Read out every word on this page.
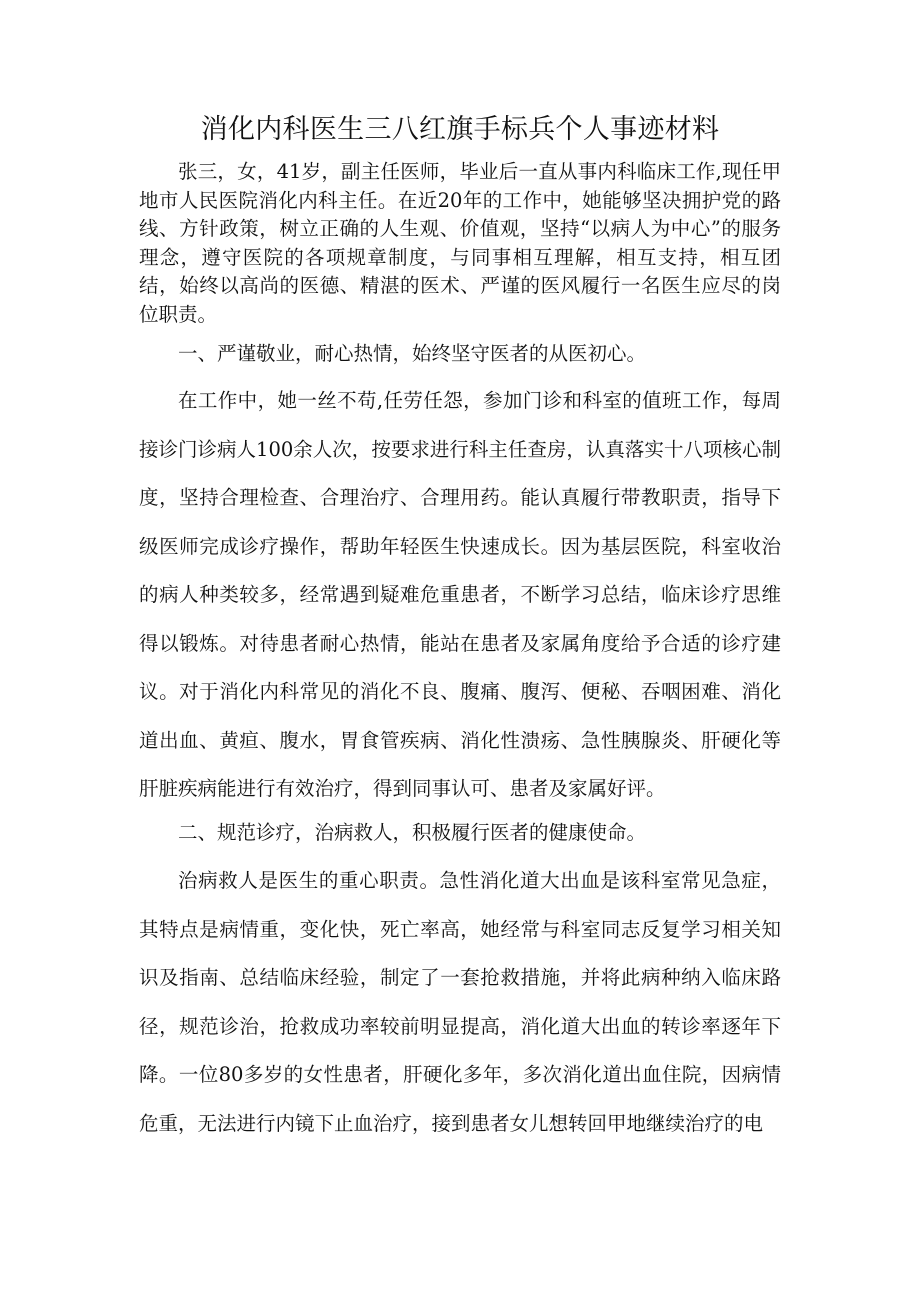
消化内科医生三八红旗手标兵个人事迹材料

张三，女，41岁，副主任医师，毕业后一直从事内科临床工作,现任甲地市人民医院消化内科主任。在近20年的工作中，她能够坚决拥护党的路线、方针政策，树立正确的人生观、价值观，坚持“以病人为中心”的服务理念，遵守医院的各项规章制度，与同事相互理解，相互支持，相互团结，始终以高尚的医德、精湛的医术、严谨的医风履行一名医生应尽的岗位职责。

一、严谨敬业，耐心热情，始终坚守医者的从医初心。

在工作中，她一丝不苟,任劳任怨，参加门诊和科室的值班工作，每周接诊门诊病人100余人次，按要求进行科主任查房，认真落实十八项核心制度，坚持合理检查、合理治疗、合理用药。能认真履行带教职责，指导下级医师完成诊疗操作，帮助年轻医生快速成长。因为基层医院，科室收治的病人种类较多，经常遇到疑难危重患者，不断学习总结，临床诊疗思维得以锻炼。对待患者耐心热情，能站在患者及家属角度给予合适的诊疗建议。对于消化内科常见的消化不良、腹痛、腹泻、便秘、吞咽困难、消化道出血、黄疸、腹水，胃食管疾病、消化性溃疡、急性胰腺炎、肝硬化等肝脏疾病能进行有效治疗，得到同事认可、患者及家属好评。

二、规范诊疗，治病救人，积极履行医者的健康使命。

治病救人是医生的重心职责。急性消化道大出血是该科室常见急症，其特点是病情重，变化快，死亡率高，她经常与科室同志反复学习相关知识及指南、总结临床经验，制定了一套抢救措施，并将此病种纳入临床路径，规范诊治，抢救成功率较前明显提高，消化道大出血的转诊率逐年下降。一位80多岁的女性患者，肝硬化多年，多次消化道出血住院，因病情危重，无法进行内镜下止血治疗，接到患者女儿想转回甲地继续治疗的电
